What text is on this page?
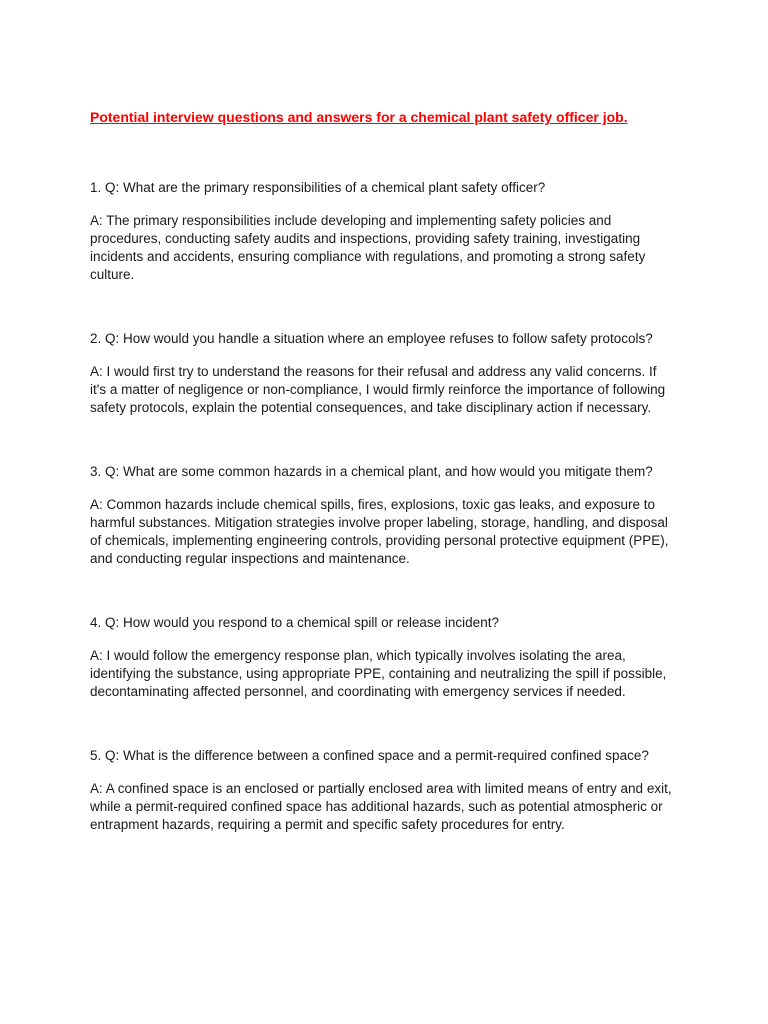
Potential interview questions and answers for a chemical plant safety officer job.

1. Q: What are the primary responsibilities of a chemical plant safety officer?

A: The primary responsibilities include developing and implementing safety policies and procedures, conducting safety audits and inspections, providing safety training, investigating incidents and accidents, ensuring compliance with regulations, and promoting a strong safety culture.

2. Q: How would you handle a situation where an employee refuses to follow safety protocols?

A: I would first try to understand the reasons for their refusal and address any valid concerns. If it's a matter of negligence or non-compliance, I would firmly reinforce the importance of following safety protocols, explain the potential consequences, and take disciplinary action if necessary.

3. Q: What are some common hazards in a chemical plant, and how would you mitigate them?

A: Common hazards include chemical spills, fires, explosions, toxic gas leaks, and exposure to harmful substances. Mitigation strategies involve proper labeling, storage, handling, and disposal of chemicals, implementing engineering controls, providing personal protective equipment (PPE), and conducting regular inspections and maintenance.

4. Q: How would you respond to a chemical spill or release incident?

A: I would follow the emergency response plan, which typically involves isolating the area, identifying the substance, using appropriate PPE, containing and neutralizing the spill if possible, decontaminating affected personnel, and coordinating with emergency services if needed.

5. Q: What is the difference between a confined space and a permit-required confined space?

A: A confined space is an enclosed or partially enclosed area with limited means of entry and exit, while a permit-required confined space has additional hazards, such as potential atmospheric or entrapment hazards, requiring a permit and specific safety procedures for entry.
